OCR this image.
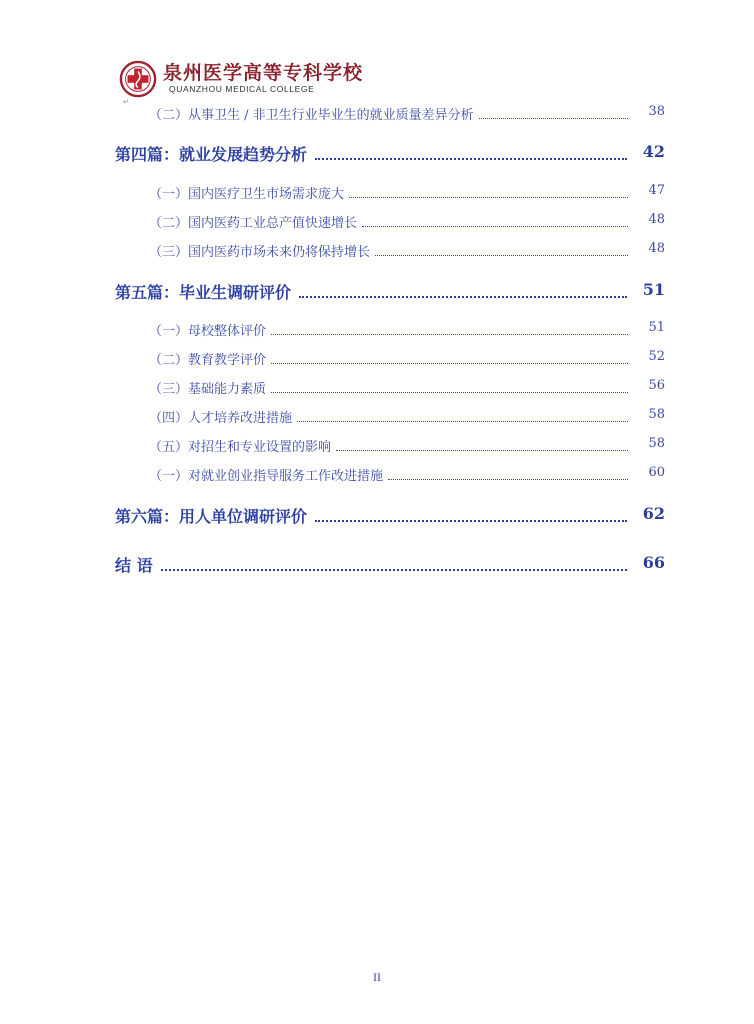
泉州医学高等专科学校
QUANZHOU MEDICAL COLLEGE
↵
（二）从事卫生 / 非卫生行业毕业生的就业质量差异分析	38
第四篇：就业发展趋势分析	42
（一）国内医疗卫生市场需求庞大	47
（二）国内医药工业总产值快速增长	48
（三）国内医药市场未来仍将保持增长	48
第五篇：毕业生调研评价	51
（一）母校整体评价	51
（二）教育教学评价	52
（三）基础能力素质	56
（四）人才培养改进措施	58
（五）对招生和专业设置的影响	58
（一）对就业创业指导服务工作改进措施	60
第六篇：用人单位调研评价	62
结 语	66
II
